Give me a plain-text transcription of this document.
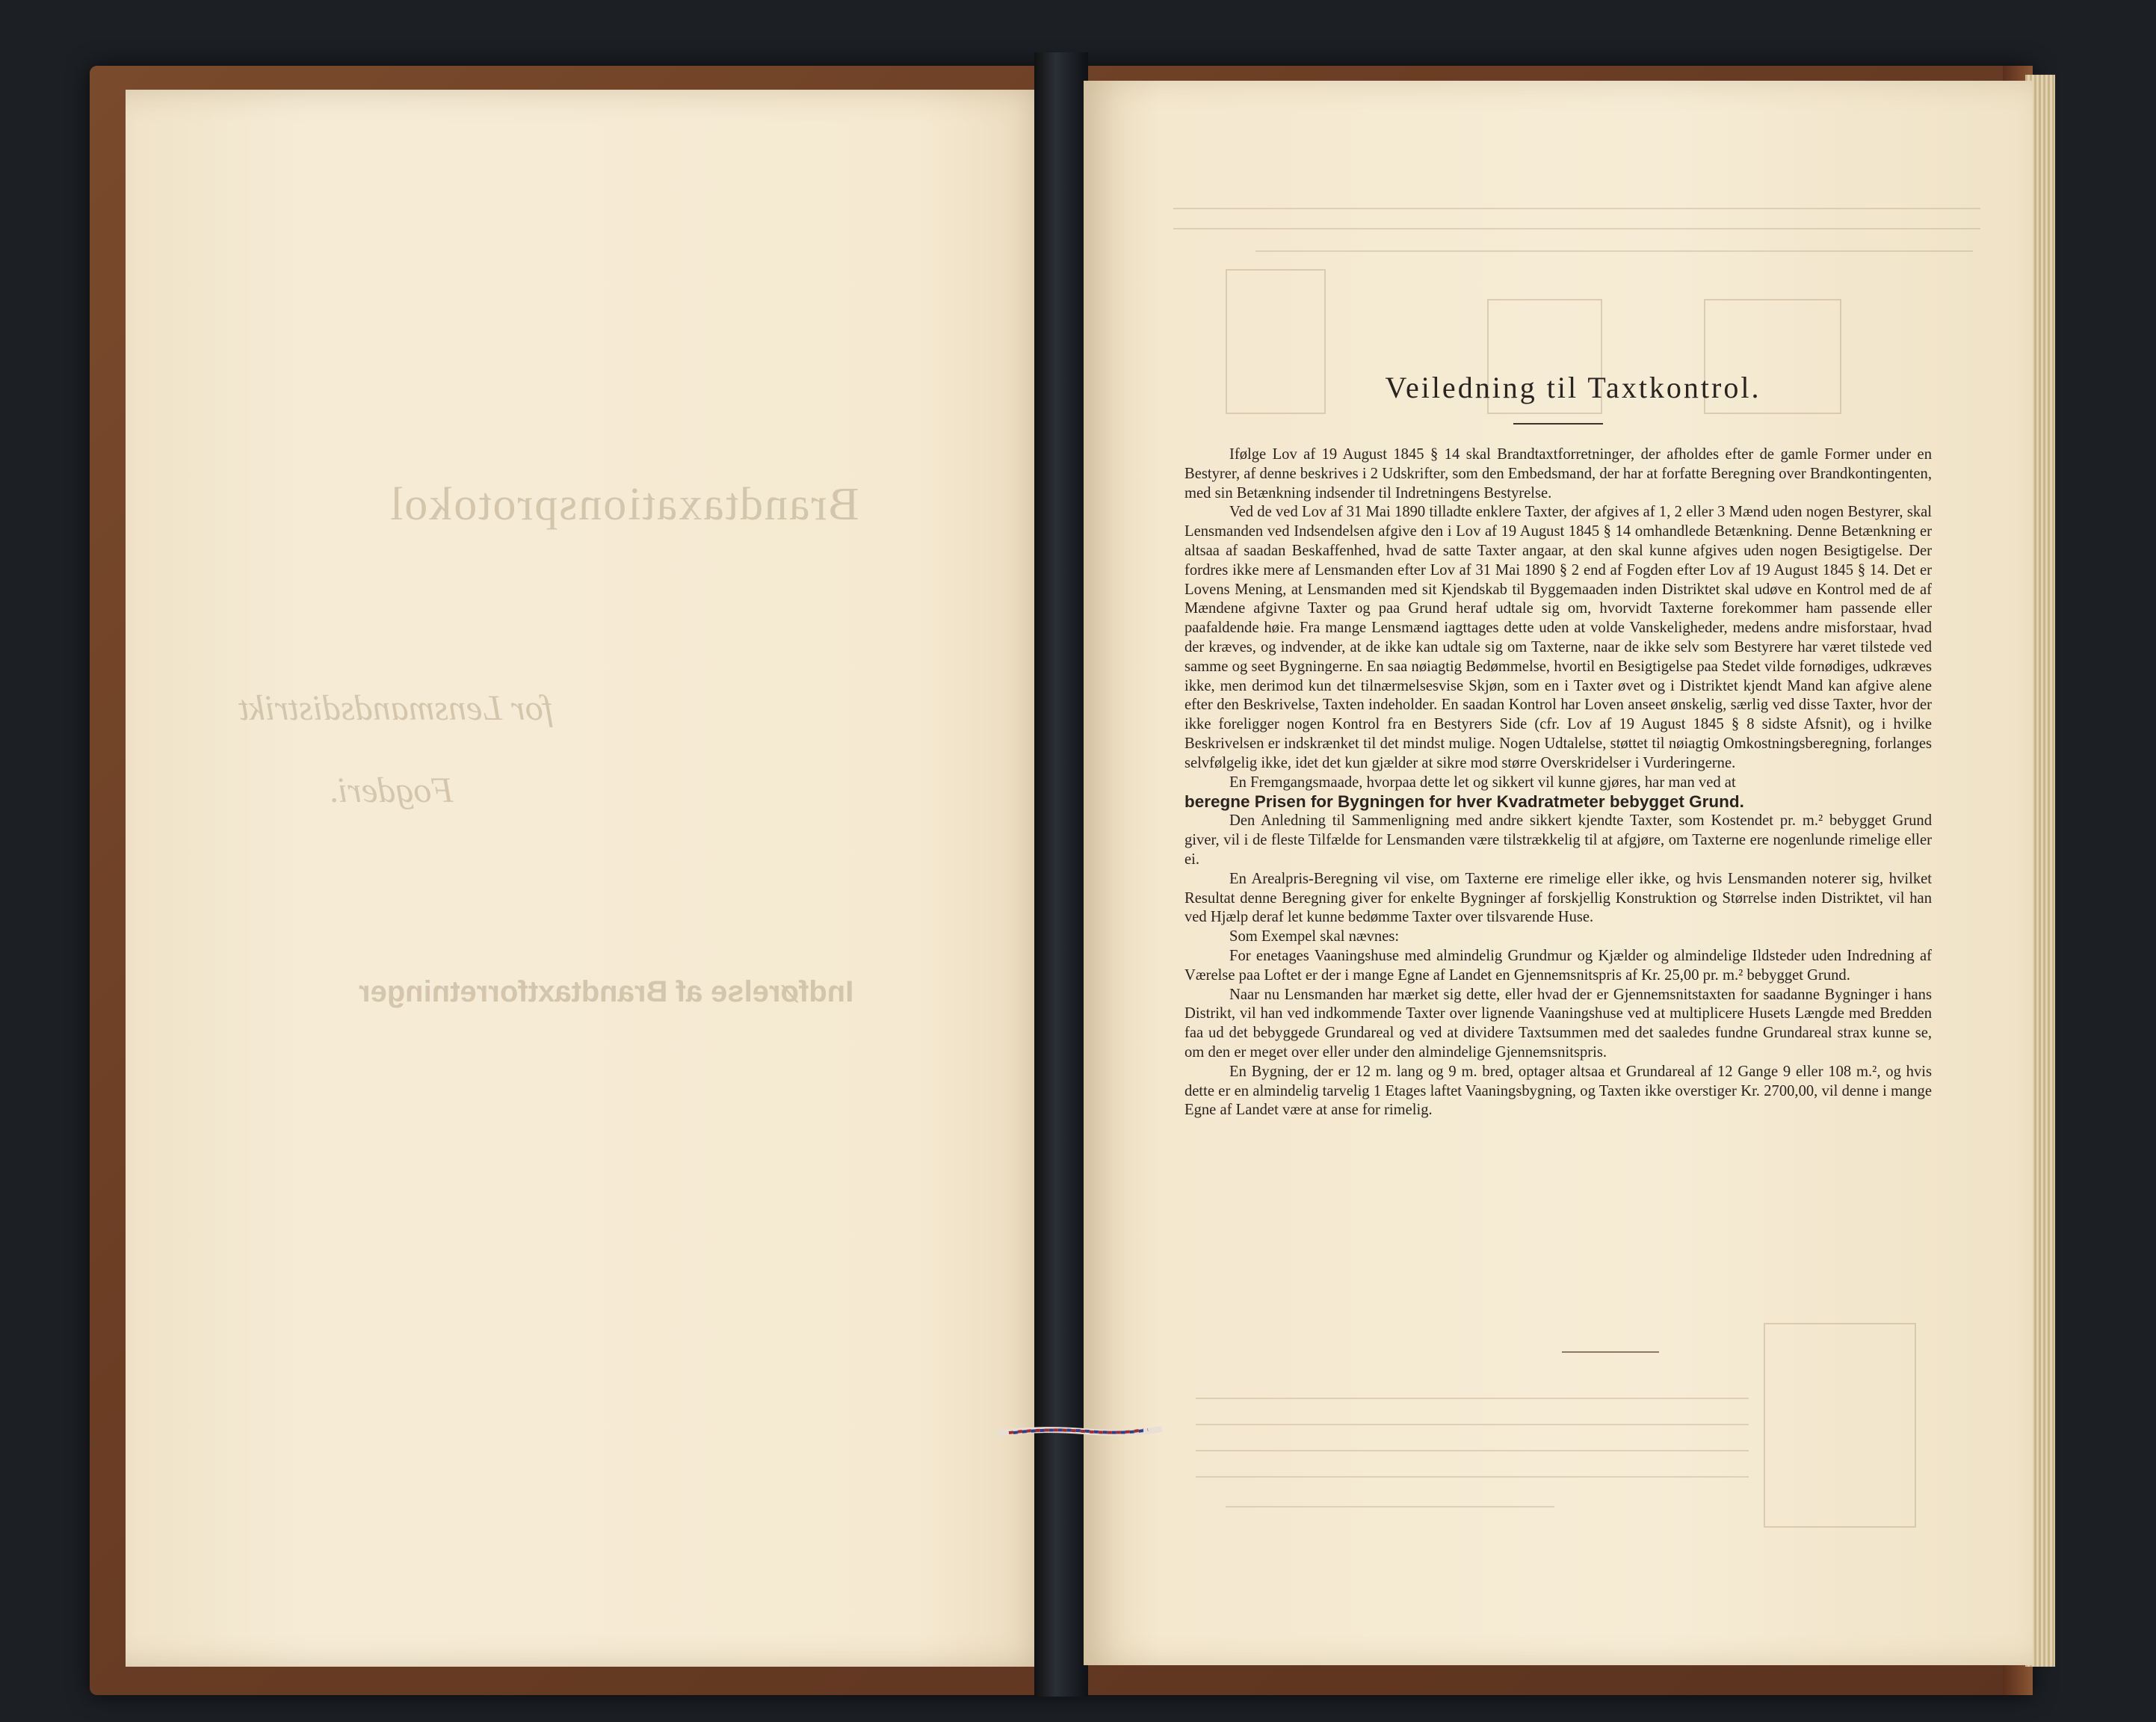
Brandtaxationsprotokol
for Lensmandsdistrikt
Fogderi.
Indførelse af Brandtaxtforretninger
Veiledning til Taxtkontrol.

Ifølge Lov af 19 August 1845 § 14 skal Brandtaxtforretninger, der afholdes efter de gamle Former under en Bestyrer, af denne beskrives i 2 Udskrifter, som den Embedsmand, der har at forfatte Beregning over Brandkontingenten, med sin Betænkning indsender til Indretningens Bestyrelse.

Ved de ved Lov af 31 Mai 1890 tilladte enklere Taxter, der afgives af 1, 2 eller 3 Mænd uden nogen Bestyrer, skal Lensmanden ved Indsendelsen afgive den i Lov af 19 August 1845 § 14 omhandlede Betænkning. Denne Betænkning er altsaa af saadan Beskaffenhed, hvad de satte Taxter angaar, at den skal kunne afgives uden nogen Besigtigelse. Der fordres ikke mere af Lensmanden efter Lov af 31 Mai 1890 § 2 end af Fogden efter Lov af 19 August 1845 § 14. Det er Lovens Mening, at Lensmanden med sit Kjendskab til Byggemaaden inden Distriktet skal udøve en Kontrol med de af Mændene afgivne Taxter og paa Grund heraf udtale sig om, hvorvidt Taxterne forekommer ham passende eller paafaldende høie. Fra mange Lensmænd iagttages dette uden at volde Vanskeligheder, medens andre misforstaar, hvad der kræves, og indvender, at de ikke kan udtale sig om Taxterne, naar de ikke selv som Bestyrere har været tilstede ved samme og seet Bygningerne. En saa nøiagtig Bedømmelse, hvortil en Besigtigelse paa Stedet vilde fornødiges, udkræves ikke, men derimod kun det tilnærmelsesvise Skjøn, som en i Taxter øvet og i Distriktet kjendt Mand kan afgive alene efter den Beskrivelse, Taxten indeholder. En saadan Kontrol har Loven anseet ønskelig, særlig ved disse Taxter, hvor der ikke foreligger nogen Kontrol fra en Bestyrers Side (cfr. Lov af 19 August 1845 § 8 sidste Afsnit), og i hvilke Beskrivelsen er indskrænket til det mindst mulige. Nogen Udtalelse, støttet til nøiagtig Omkostningsberegning, forlanges selvfølgelig ikke, idet det kun gjælder at sikre mod større Overskridelser i Vurderingerne.

En Fremgangsmaade, hvorpaa dette let og sikkert vil kunne gjøres, har man ved at

beregne Prisen for Bygningen for hver Kvadratmeter bebygget Grund.

Den Anledning til Sammenligning med andre sikkert kjendte Taxter, som Kostendet pr. m.² bebygget Grund giver, vil i de fleste Tilfælde for Lensmanden være tilstrækkelig til at afgjøre, om Taxterne ere nogenlunde rimelige eller ei.

En Arealpris-Beregning vil vise, om Taxterne ere rimelige eller ikke, og hvis Lensmanden noterer sig, hvilket Resultat denne Beregning giver for enkelte Bygninger af forskjellig Konstruktion og Størrelse inden Distriktet, vil han ved Hjælp deraf let kunne bedømme Taxter over tilsvarende Huse.

Som Exempel skal nævnes:

For enetages Vaaningshuse med almindelig Grundmur og Kjælder og almindelige Ildsteder uden Indredning af Værelse paa Loftet er der i mange Egne af Landet en Gjennemsnitspris af Kr. 25,00 pr. m.² bebygget Grund.

Naar nu Lensmanden har mærket sig dette, eller hvad der er Gjennemsnitstaxten for saadanne Bygninger i hans Distrikt, vil han ved indkommende Taxter over lignende Vaaningshuse ved at multiplicere Husets Længde med Bredden faa ud det bebyggede Grundareal og ved at dividere Taxtsummen med det saaledes fundne Grundareal strax kunne se, om den er meget over eller under den almindelige Gjennemsnitspris.

En Bygning, der er 12 m. lang og 9 m. bred, optager altsaa et Grundareal af 12 Gange 9 eller 108 m.², og hvis dette er en almindelig tarvelig 1 Etages laftet Vaaningsbygning, og Taxten ikke overstiger Kr. 2700,00, vil denne i mange Egne af Landet være at anse for rimelig.
